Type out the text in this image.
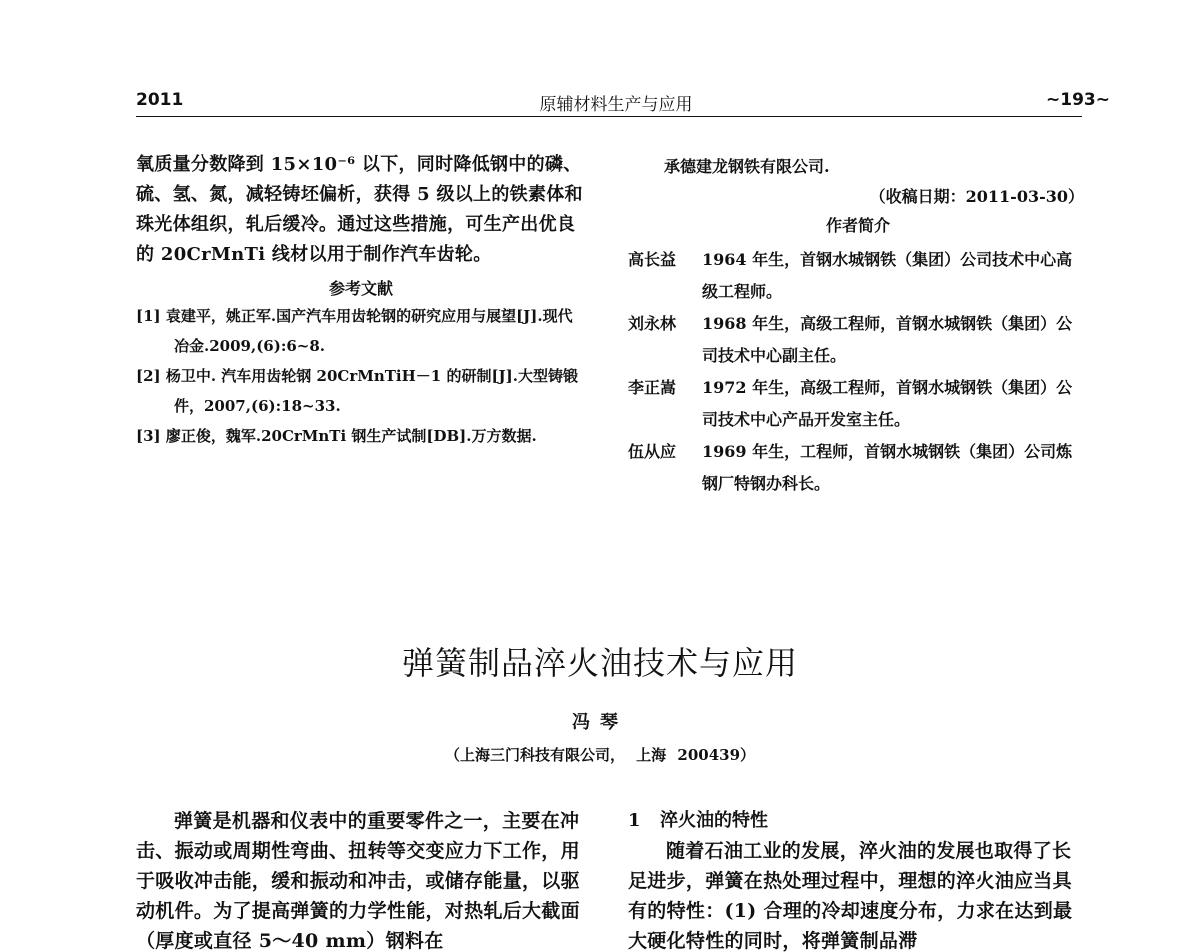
2011	原辅材料生产与应用	~193~

氧质量分数降到 15×10⁻⁶ 以下，同时降低钢中的磷、硫、氢、氮，减轻铸坯偏析，获得 5 级以上的铁素体和珠光体组织，轧后缓冷。通过这些措施，可生产出优良的 20CrMnTi 线材以用于制作汽车齿轮。

参考文献

[1] 袁建平，姚正军.国产汽车用齿轮钢的研究应用与展望[J].现代冶金.2009,(6):6~8.

[2] 杨卫中. 汽车用齿轮钢 20CrMnTiH－1 的研制[J].大型铸锻件，2007,(6):18~33.

[3] 廖正俊，魏军.20CrMnTi 钢生产试制[DB].万方数据.

承德建龙钢铁有限公司.

（收稿日期：2011-03-30）

作者简介
高长益	1964 年生，首钢水城钢铁（集团）公司技术中心高级工程师。
刘永林	1968 年生，高级工程师，首钢水城钢铁（集团）公司技术中心副主任。
李正嵩	1972 年生，高级工程师，首钢水城钢铁（集团）公司技术中心产品开发室主任。
伍从应	1969 年生，工程师，首钢水城钢铁（集团）公司炼钢厂特钢办科长。
弹簧制品淬火油技术与应用
冯琴
（上海三门科技有限公司， 上海 200439）

弹簧是机器和仪表中的重要零件之一，主要在冲击、振动或周期性弯曲、扭转等交变应力下工作，用于吸收冲击能，缓和振动和冲击，或储存能量，以驱动机件。为了提高弹簧的力学性能，对热轧后大截面（厚度或直径 5～40 mm）钢料在

1 淬火油的特性

随着石油工业的发展，淬火油的发展也取得了长足进步，弹簧在热处理过程中，理想的淬火油应当具有的特性：(1) 合理的冷却速度分布，力求在达到最大硬化特性的同时，将弹簧制品滞
